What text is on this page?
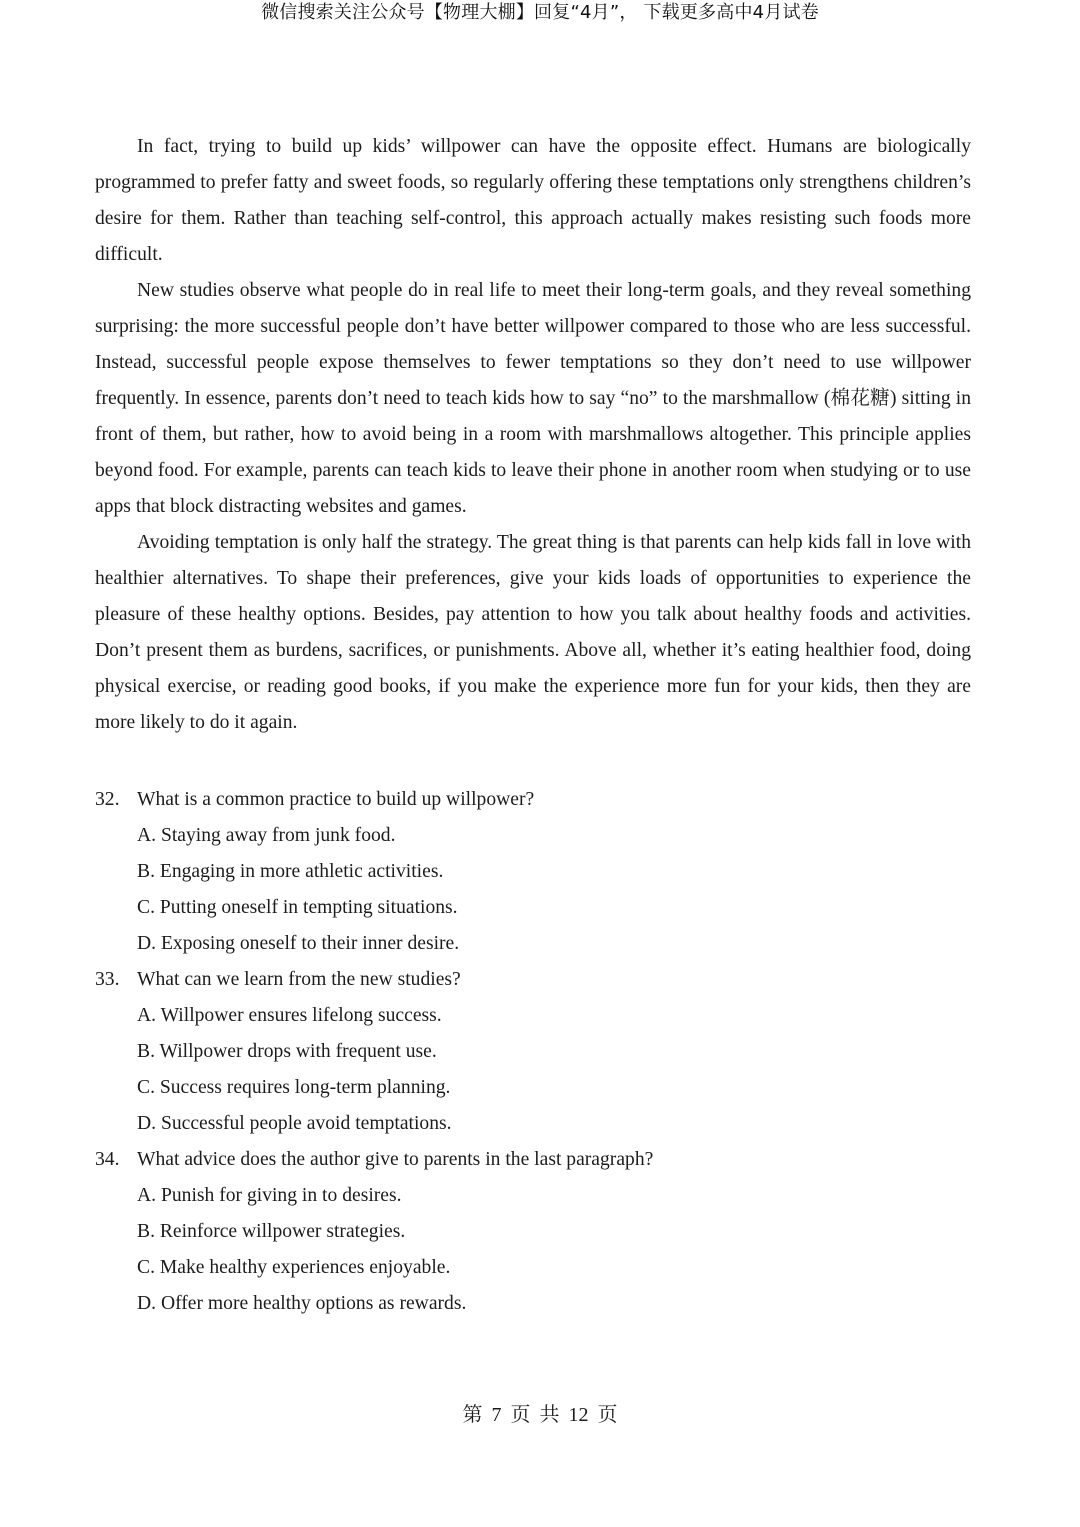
微信搜索关注公众号【物理大棚】回复“4月”， 下载更多高中4月试卷

In fact, trying to build up kids’ willpower can have the opposite effect. Humans are biologically programmed to prefer fatty and sweet foods, so regularly offering these temptations only strengthens children’s desire for them. Rather than teaching self-control, this approach actually makes resisting such foods more difficult.

New studies observe what people do in real life to meet their long-term goals, and they reveal something surprising: the more successful people don’t have better willpower compared to those who are less successful. Instead, successful people expose themselves to fewer temptations so they don’t need to use willpower frequently. In essence, parents don’t need to teach kids how to say “no” to the marshmallow (棉花糖) sitting in front of them, but rather, how to avoid being in a room with marshmallows altogether. This principle applies beyond food. For example, parents can teach kids to leave their phone in another room when studying or to use apps that block distracting websites and games.

Avoiding temptation is only half the strategy. The great thing is that parents can help kids fall in love with healthier alternatives. To shape their preferences, give your kids loads of opportunities to experience the pleasure of these healthy options. Besides, pay attention to how you talk about healthy foods and activities. Don’t present them as burdens, sacrifices, or punishments. Above all, whether it’s eating healthier food, doing physical exercise, or reading good books, if you make the experience more fun for your kids, then they are more likely to do it again.

32. What is a common practice to build up willpower?
A. Staying away from junk food.
B. Engaging in more athletic activities.
C. Putting oneself in tempting situations.
D. Exposing oneself to their inner desire.
33. What can we learn from the new studies?
A. Willpower ensures lifelong success.
B. Willpower drops with frequent use.
C. Success requires long-term planning.
D. Successful people avoid temptations.
34. What advice does the author give to parents in the last paragraph?
A. Punish for giving in to desires.
B. Reinforce willpower strategies.
C. Make healthy experiences enjoyable.
D. Offer more healthy options as rewards.
第 7 页 共 12 页
